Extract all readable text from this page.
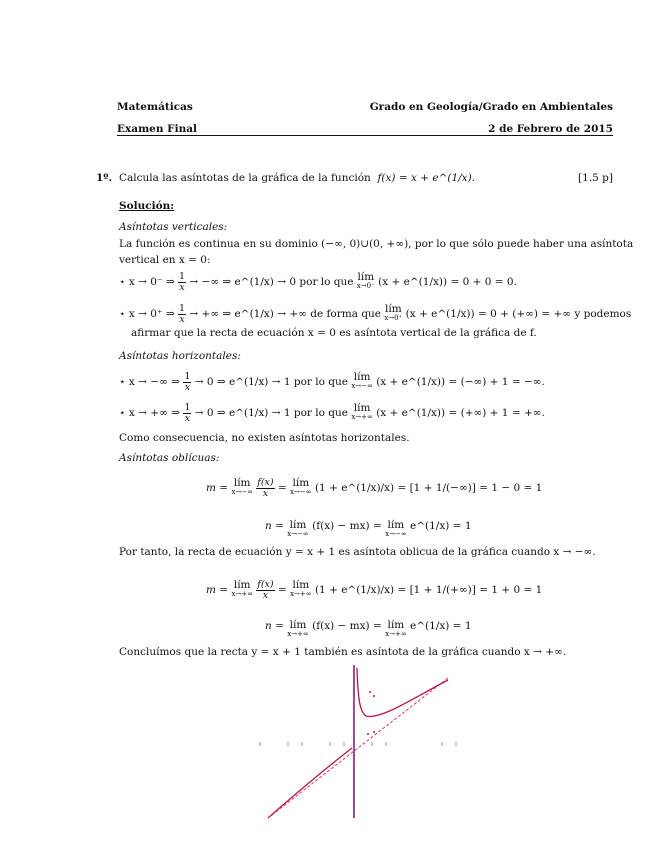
Matemáticas	Grado en Geología/Grado en Ambientales
Examen Final	2 de Febrero de 2015
1º. Calcula las asíntotas de la gráfica de la función f(x) = x + e^(1/x).	[1.5 p]
Solución:
Asíntotas verticales:
La función es continua en su dominio (−∞, 0)∪(0, +∞), por lo que sólo puede haber una asíntota
vertical en x = 0:
⋆ x → 0⁻ ⇒ $\frac{1}{x}$ → −∞ ⇒ e^(1/x) → 0 por lo que lím
x→0⁻ (x + e^(1/x)) = 0 + 0 = 0.
⋆ x → 0⁺ ⇒ $\frac{1}{x}$ → +∞ ⇒ e^(1/x) → +∞ de forma que lím
x→0⁺ (x + e^(1/x)) = 0 + (+∞) = +∞ y podemos
afirmar que la recta de ecuación x = 0 es asíntota vertical de la gráfica de f.
Asíntotas horizontales:
⋆ x → −∞ ⇒ $\frac{1}{x} \to 0$ ⇒ e^(1/x) → 1 por lo que lím
x→−∞ (x + e^(1/x)) = (−∞) + 1 = −∞.
⋆ x → +∞ ⇒ $\frac{1}{x} \to 0$ ⇒ e^(1/x) → 1 por lo que lím
x→+∞ (x + e^(1/x)) = (+∞) + 1 = +∞.
Como consecuencia, no existen asíntotas horizontales.
Asíntotas oblícuas:
m = lím
x→−∞
$\frac{f(x)}{x}$ = lím
x→−∞ (1 + e^(1/x)/x) = [1 + 1/(−∞)] = 1 − 0 = 1
n = lím
x→−∞
(f(x) − mx) = lím
x→−∞
e^(1/x) = 1
Por tanto, la recta de ecuación y = x + 1 es asíntota oblicua de la gráfica cuando x → −∞.
m = lím
x→+∞
$\frac{f(x)}{x}$ = lím
x→+∞ (1 + e^(1/x)/x) = [1 + 1/(+∞)] = 1 + 0 = 1
n = lím
x→+∞
(f(x) − mx) = lím
x→+∞
e^(1/x) = 1
Concluímos que la recta y = x + 1 también es asíntota de la gráfica cuando x → +∞.
